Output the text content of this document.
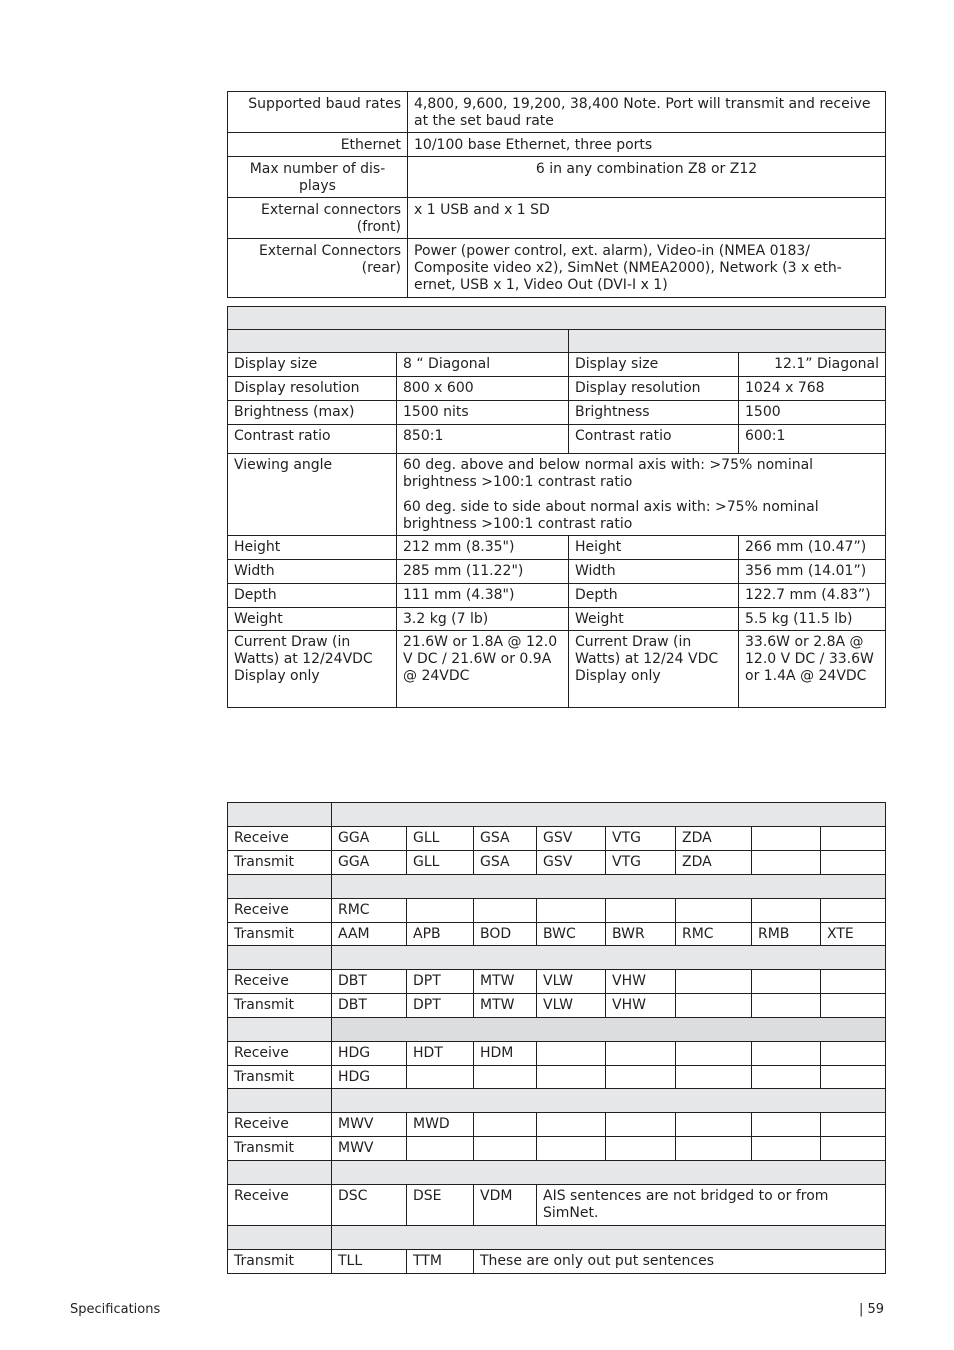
Supported baud rates	4,800, 9,600, 19,200, 38,400 Note. Port will transmit and receive at the set baud rate
Ethernet	10/100 base Ethernet, three ports
Max number of dis-plays	6 in any combination Z8 or Z12
External connectors (front)	x 1 USB and x 1 SD
External Connectors (rear)	Power (power control, ext. alarm), Video-in (NMEA 0183/ Composite video x2), SimNet (NMEA2000), Network (3 x eth-ernet, USB x 1, Video Out (DVI-I x 1)

Display size	8 “ Diagonal	Display size	12.1” Diagonal
Display resolution	800 x 600	Display resolution	1024 x 768
Brightness (max)	1500 nits	Brightness	1500
Contrast ratio	850:1	Contrast ratio	600:1
Viewing angle	60 deg. above and below normal axis with: >75% nominal brightness >100:1 contrast ratio

60 deg. side to side about normal axis with: >75% nominal brightness >100:1 contrast ratio		

Height	212 mm (8.35")	Height	266 mm (10.47”)
Width	285 mm (11.22")	Width	356 mm (14.01”)
Depth	111 mm (4.38")	Depth	122.7 mm (4.83”)
Weight	3.2 kg (7 lb)	Weight	5.5 kg (11.5 lb)
Current Draw (in Watts) at 12/24VDC Display only	21.6W or 1.8A @ 12.0 V DC / 21.6W or 0.9A @ 24VDC	Current Draw (in Watts) at 12/24 VDC Display only	33.6W or 2.8A @ 12.0 V DC / 33.6W or 1.4A @ 24VDC

Receive	GGA	GLL	GSA	GSV	VTG	ZDA		
Transmit	GGA	GLL	GSA	GSV	VTG	ZDA		

Receive	RMC							
Transmit	AAM	APB	BOD	BWC	BWR	RMC	RMB	XTE

Receive	DBT	DPT	MTW	VLW	VHW			
Transmit	DBT	DPT	MTW	VLW	VHW			

Receive	HDG	HDT	HDM					
Transmit	HDG							

Receive	MWV	MWD						
Transmit	MWV							

Receive	DSC	DSE	VDM	AIS sentences are not bridged to or from SimNet.				

Transmit	TLL	TTM	These are only out put sentences					
Specifications	| 59
